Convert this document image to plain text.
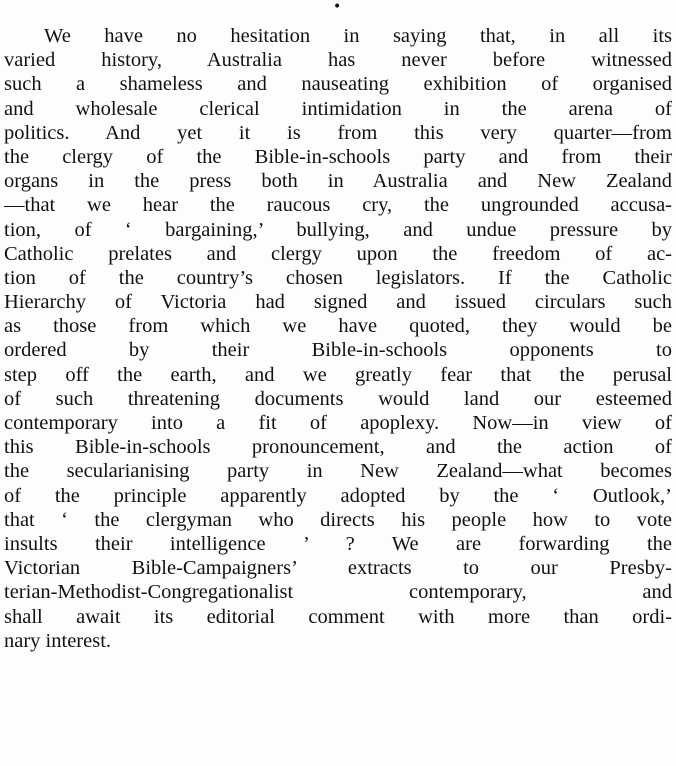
•
We have no hesitation in saying that, in all its
varied history, Australia has never before witnessed
such a shameless and nauseating exhibition of organised
and wholesale clerical intimidation in the arena of
politics. And yet it is from this very quarter—from
the clergy of the Bible-in-schools party and from their
organs in the press both in Australia and New Zealand
—that we hear the raucous cry, the ungrounded accusa-
tion, of ‘ bargaining,’ bullying, and undue pressure by
Catholic prelates and clergy upon the freedom of ac-
tion of the country’s chosen legislators. If the Catholic
Hierarchy of Victoria had signed and issued circulars such
as those from which we have quoted, they would be
ordered by their Bible-in-schools opponents to
step off the earth, and we greatly fear that the perusal
of such threatening documents would land our esteemed
contemporary into a fit of apoplexy. Now—in view of
this Bible-in-schools pronouncement, and the action of
the secularianising party in New Zealand—what becomes
of the principle apparently adopted by the ‘ Outlook,’
that ‘ the clergyman who directs his people how to vote
insults their intelligence ’ ? We are forwarding the
Victorian Bible-Campaigners’ extracts to our Presby-
terian-Methodist-Congregationalist contemporary, and
shall await its editorial comment with more than ordi-
nary interest.
